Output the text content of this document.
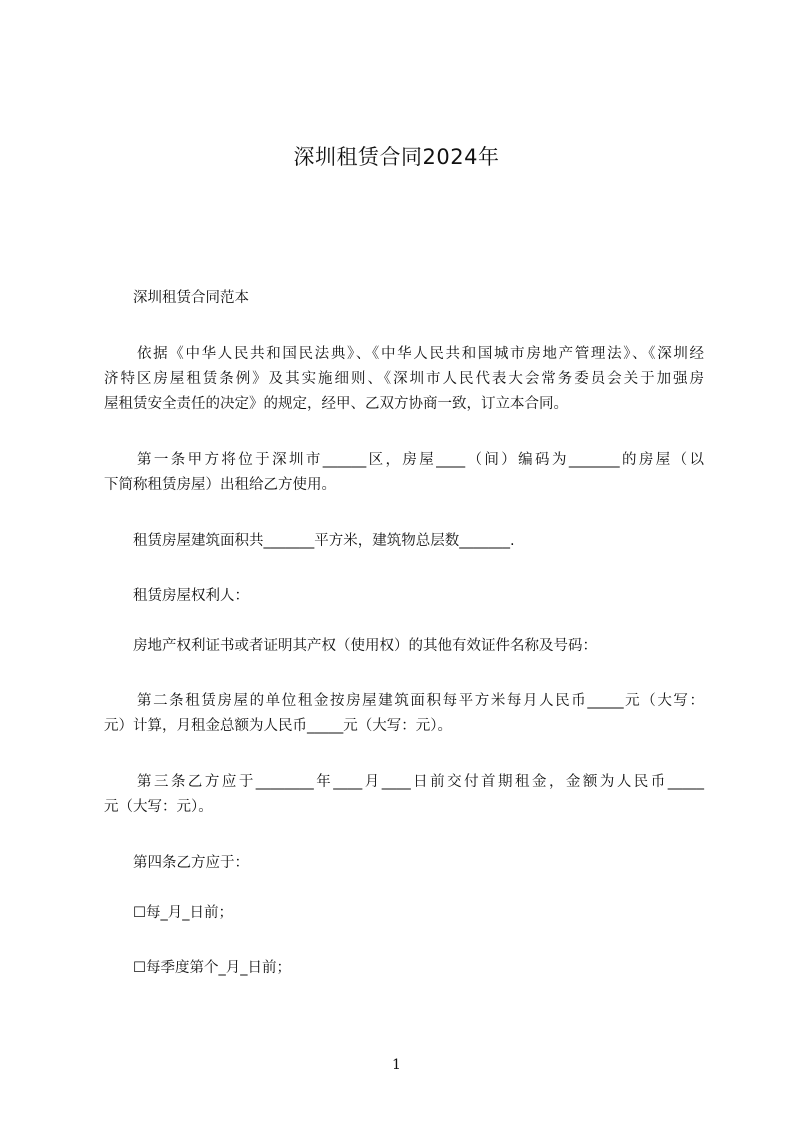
深圳租赁合同2024年

深圳租赁合同范本

依据《中华人民共和国民法典》、《中华人民共和国城市房地产管理法》、《深圳经
济特区房屋租赁条例》及其实施细则、《深圳市人民代表大会常务委员会关于加强房
屋租赁安全责任的决定》的规定，经甲、乙双方协商一致，订立本合同。

第一条甲方将位于深圳市______区，房屋____（间）编码为_______的房屋（以
下简称租赁房屋）出租给乙方使用。

租赁房屋建筑面积共_______平方米，建筑物总层数_______.

租赁房屋权利人：

房地产权利证书或者证明其产权（使用权）的其他有效证件名称及号码：

第二条租赁房屋的单位租金按房屋建筑面积每平方米每月人民币_____元（大写：
元）计算，月租金总额为人民币_____元（大写：元）。

第三条乙方应于________年____月____日前交付首期租金，金额为人民币_____
元（大写：元）。

第四条乙方应于：

☐每_月_日前；

☐每季度第个_月_日前；

1
